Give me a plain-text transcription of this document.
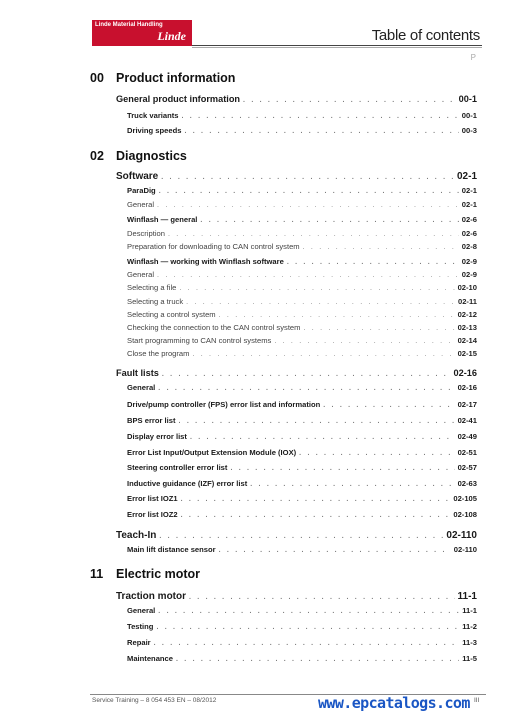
Linde Material Handling
Linde	Table of contents
P
00 Product information
General product information . . .	00-1
Truck variants . . .	00-1
Driving speeds . . .	00-3
02 Diagnostics
Software . . .	02-1
ParaDig . . .	02-1
General . . .	02-1
Winflash — general . . .	02-6
Description . . .	02-6
Preparation for downloading to CAN control system . . .	02-8
Winflash — working with Winflash software . . .	02-9
General . . .	02-9
Selecting a file . . .	02-10
Selecting a truck . . .	02-11
Selecting a control system . . .	02-12
Checking the connection to the CAN control system . . .	02-13
Start programming to CAN control systems . . .	02-14
Close the program . . .	02-15
Fault lists . . .	02-16
General . . .	02-16
Drive/pump controller (FPS) error list and information . . .	02-17
BPS error list . . .	02-41
Display error list . . .	02-49
Error List Input/Output Extension Module (IOX) . . .	02-51
Steering controller error list . . .	02-57
Inductive guidance (IZF) error list . . .	02-63
Error list IOZ1 . . .	02-105
Error list IOZ2 . . .	02-108
Teach-In . . .	02-110
Main lift distance sensor . . .	02-110
11 Electric motor
Traction motor . . .	11-1
General . . .	11-1
Testing . . .	11-2
Repair . . .	11-3
Maintenance . . .	11-5
Service Training – 8 054 453 EN – 08/2012	www.epcatalogs.com III
